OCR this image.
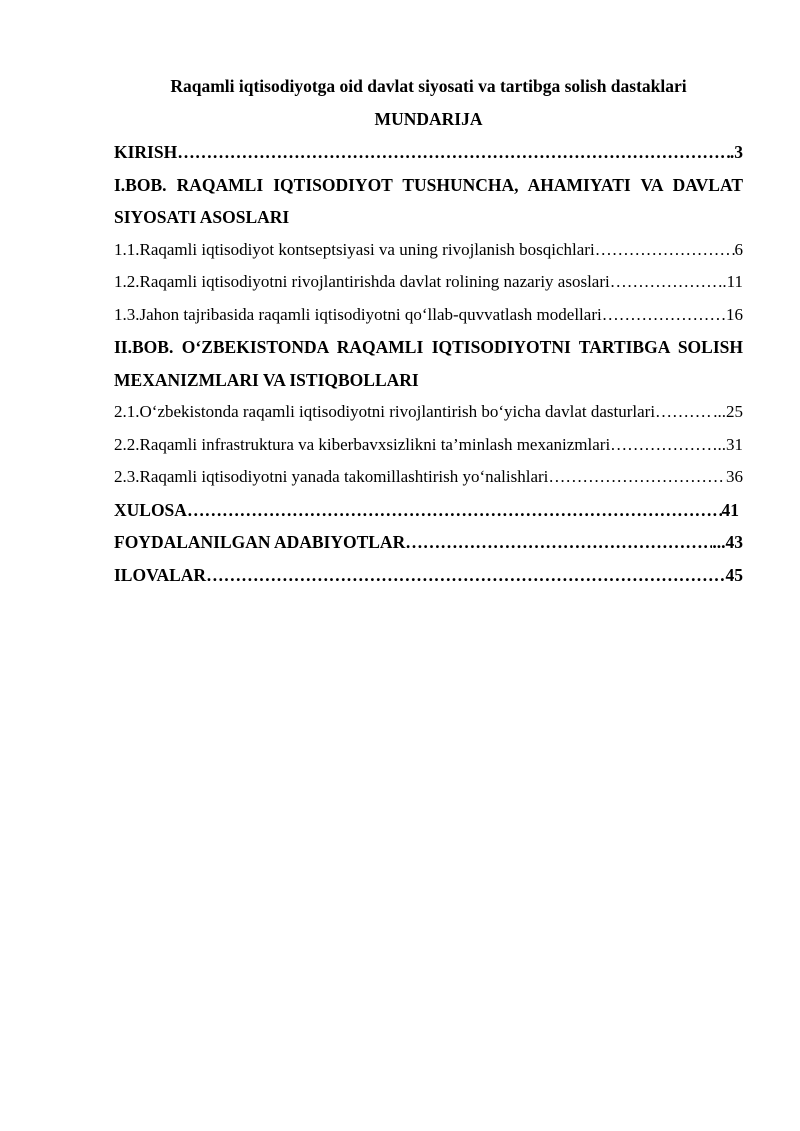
Raqamli iqtisodiyotga oid davlat siyosati va tartibga solish dastaklari

MUNDARIJA

KIRISH …………………………………………………………………………………………………………………………………………………………	.3

I.BOB. RAQAMLI IQTISODIYOT TUSHUNCHA, AHAMIYATI VA DAVLAT SIYOSATI ASOSLARI

1.1.Raqamli iqtisodiyot kontseptsiyasi va uning rivojlanish bosqichlari …………………………………………………………………………………………………………………………………………………………	6
1.2.Raqamli iqtisodiyotni rivojlantirishda davlat rolining nazariy asoslari …………………………………………………………………………………………………………………………………………………………	..11
1.3.Jahon tajribasida raqamli iqtisodiyotni qo‘llab-quvvatlash modellari …………………………………………………………………………………………………………………………………………………………	16

II.BOB. O‘ZBEKISTONDA RAQAMLI IQTISODIYOTNI TARTIBGA SOLISH MEXANIZMLARI VA ISTIQBOLLARI

2.1.O‘zbekistonda raqamli iqtisodiyotni rivojlantirish bo‘yicha davlat dasturlari …………………………………………………………………………………………………………………………………………………………	...25
2.2.Raqamli infrastruktura va kiberbavxsizlikni ta’minlash mexanizmlari …………………………………………………………………………………………………………………………………………………………	..31
2.3.Raqamli iqtisodiyotni yanada takomillashtirish yo‘nalishlari …………………………………………………………………………………………………………………………………………………………	36
XULOSA …………………………………………………………………………………………………………………………………………………………	41
FOYDALANILGAN ADABIYOTLAR …………………………………………………………………………………………………………………………………………………………	...43
ILOVALAR …………………………………………………………………………………………………………………………………………………………	45
